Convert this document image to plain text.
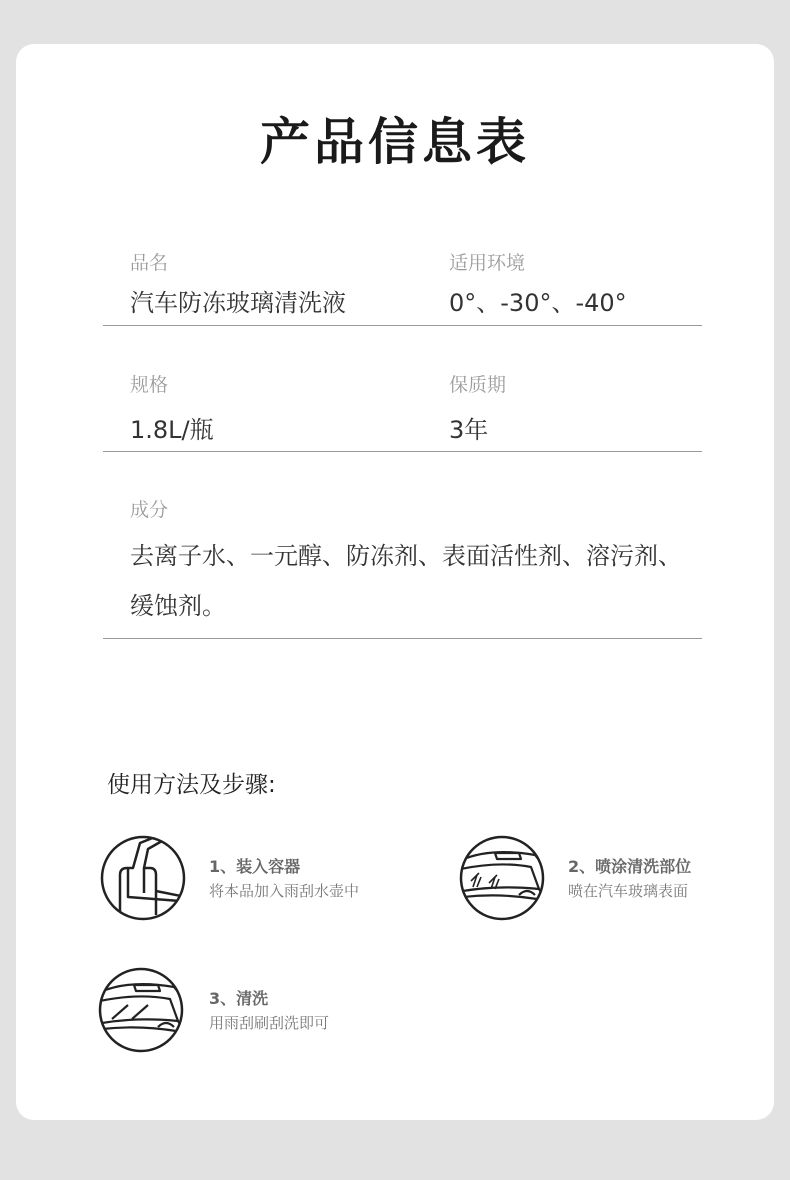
产品信息表
品名
汽车防冻玻璃清洗液
适用环境
0°、-30°、-40°
规格
1.8L/瓶
保质期
3年
成分
去离子水、一元醇、防冻剂、表面活性剂、溶污剂、缓蚀剂。
使用方法及步骤:
1、装入容器
将本品加入雨刮水壶中
2、喷涂清洗部位
喷在汽车玻璃表面
3、清洗
用雨刮刷刮洗即可
